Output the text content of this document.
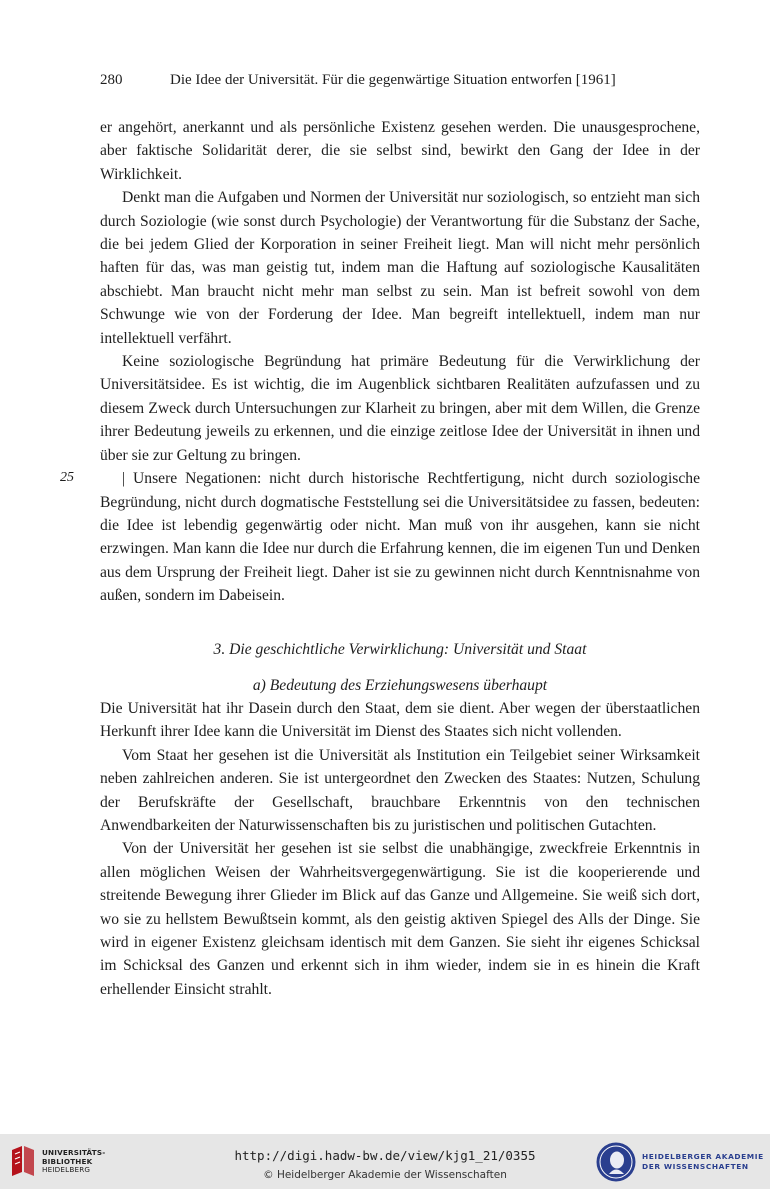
280	Die Idee der Universität. Für die gegenwärtige Situation entworfen [1961]

er angehört, anerkannt und als persönliche Existenz gesehen werden. Die unausgesprochene, aber faktische Solidarität derer, die sie selbst sind, bewirkt den Gang der Idee in der Wirklichkeit.

Denkt man die Aufgaben und Normen der Universität nur soziologisch, so entzieht man sich durch Soziologie (wie sonst durch Psychologie) der Verantwortung für die Substanz der Sache, die bei jedem Glied der Korporation in seiner Freiheit liegt. Man will nicht mehr persönlich haften für das, was man geistig tut, indem man die Haftung auf soziologische Kausalitäten abschiebt. Man braucht nicht mehr man selbst zu sein. Man ist befreit sowohl von dem Schwunge wie von der Forderung der Idee. Man begreift intellektuell, indem man nur intellektuell verfährt.

Keine soziologische Begründung hat primäre Bedeutung für die Verwirklichung der Universitätsidee. Es ist wichtig, die im Augenblick sichtbaren Realitäten aufzufassen und zu diesem Zweck durch Untersuchungen zur Klarheit zu bringen, aber mit dem Willen, die Grenze ihrer Bedeutung jeweils zu erkennen, und die einzige zeitlose Idee der Universität in ihnen und über sie zur Geltung zu bringen.

| Unsere Negationen: nicht durch historische Rechtfertigung, nicht durch soziologische Begründung, nicht durch dogmatische Feststellung sei die Universitätsidee zu fassen, bedeuten: die Idee ist lebendig gegenwärtig oder nicht. Man muß von ihr ausgehen, kann sie nicht erzwingen. Man kann die Idee nur durch die Erfahrung kennen, die im eigenen Tun und Denken aus dem Ursprung der Freiheit liegt. Daher ist sie zu gewinnen nicht durch Kenntnisnahme von außen, sondern im Dabeisein.

25
3. Die geschichtliche Verwirklichung: Universität und Staat
a) Bedeutung des Erziehungswesens überhaupt

Die Universität hat ihr Dasein durch den Staat, dem sie dient. Aber wegen der überstaatlichen Herkunft ihrer Idee kann die Universität im Dienst des Staates sich nicht vollenden.

Vom Staat her gesehen ist die Universität als Institution ein Teilgebiet seiner Wirksamkeit neben zahlreichen anderen. Sie ist untergeordnet den Zwecken des Staates: Nutzen, Schulung der Berufskräfte der Gesellschaft, brauchbare Erkenntnis von den technischen Anwendbarkeiten der Naturwissenschaften bis zu juristischen und politischen Gutachten.

Von der Universität her gesehen ist sie selbst die unabhängige, zweckfreie Erkenntnis in allen möglichen Weisen der Wahrheitsvergegenwärtigung. Sie ist die kooperierende und streitende Bewegung ihrer Glieder im Blick auf das Ganze und Allgemeine. Sie weiß sich dort, wo sie zu hellstem Bewußtsein kommt, als den geistig aktiven Spiegel des Alls der Dinge. Sie wird in eigener Existenz gleichsam identisch mit dem Ganzen. Sie sieht ihr eigenes Schicksal im Schicksal des Ganzen und erkennt sich in ihm wieder, indem sie in es hinein die Kraft erhellender Einsicht strahlt.

UNIVERSITÄTS-
BIBLIOTHEK
HEIDELBERG
http://digi.hadw-bw.de/view/kjg1_21/0355
© Heidelberger Akademie der Wissenschaften
HEIDELBERGER AKADEMIE
DER WISSENSCHAFTEN
